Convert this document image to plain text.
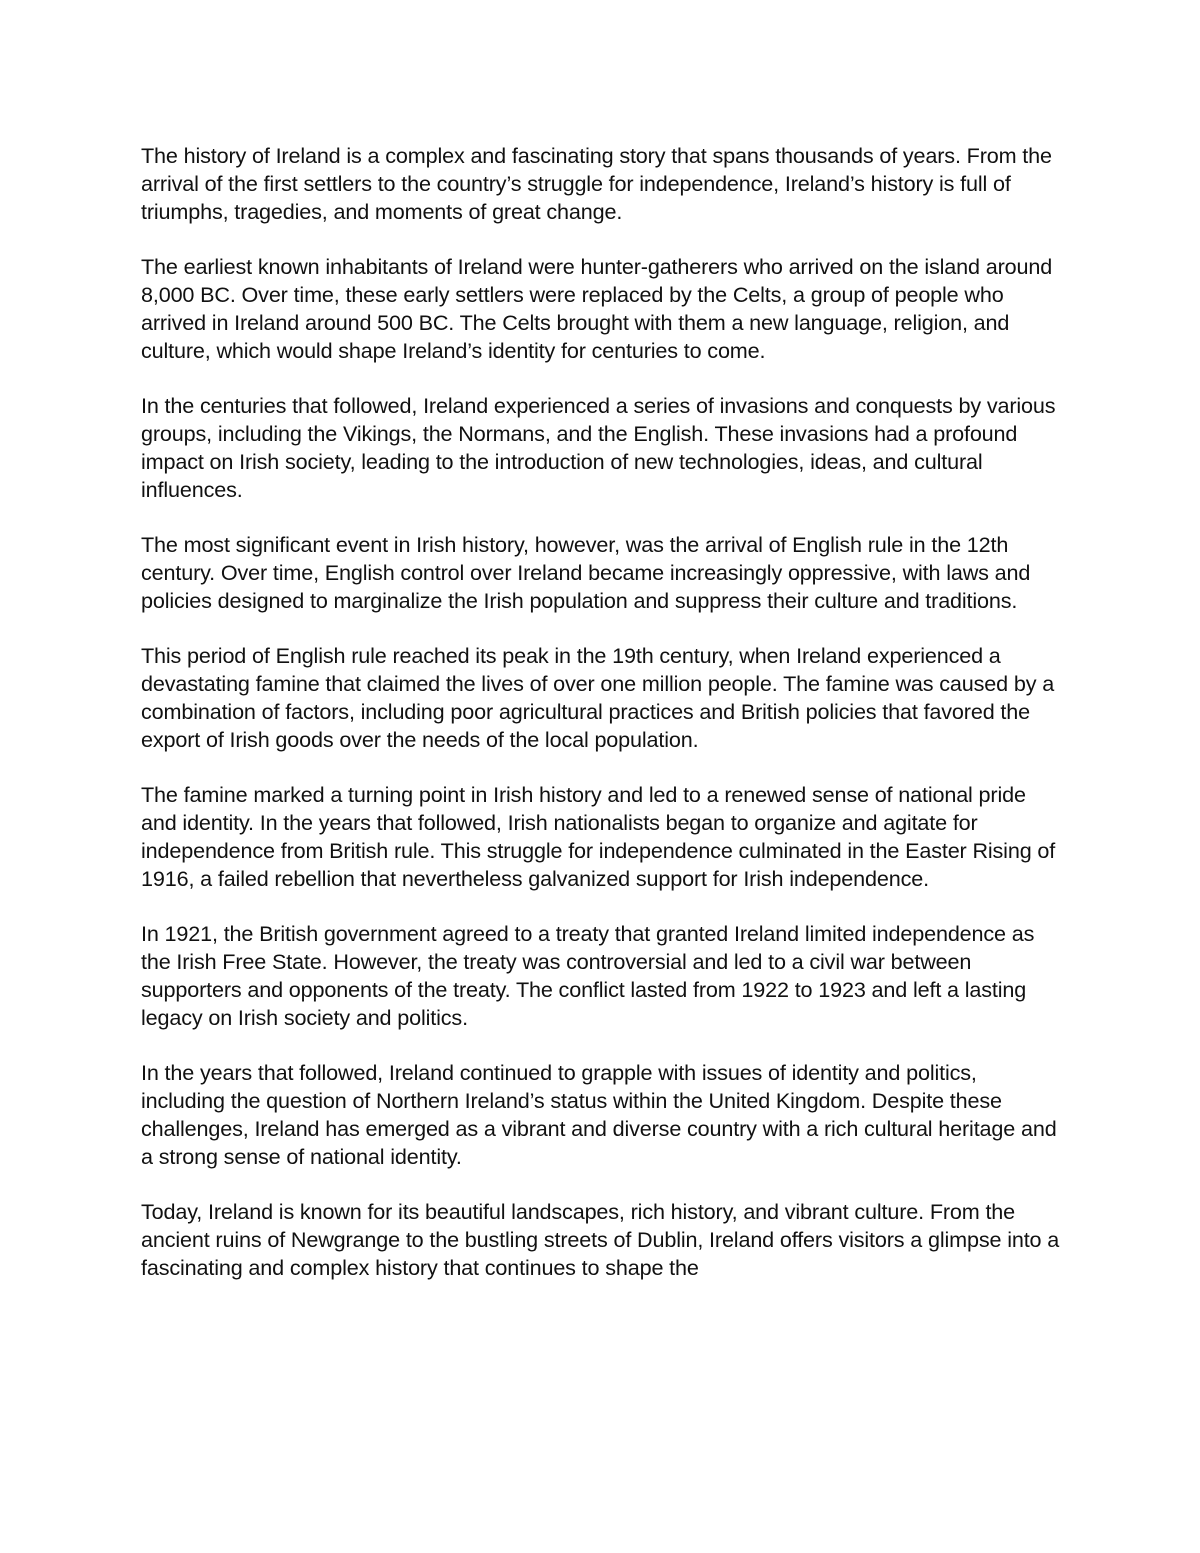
The history of Ireland is a complex and fascinating story that spans thousands of years. From the arrival of the first settlers to the country’s struggle for independence, Ireland’s history is full of triumphs, tragedies, and moments of great change.

The earliest known inhabitants of Ireland were hunter-gatherers who arrived on the island around 8,000 BC. Over time, these early settlers were replaced by the Celts, a group of people who arrived in Ireland around 500 BC. The Celts brought with them a new language, religion, and culture, which would shape Ireland’s identity for centuries to come.

In the centuries that followed, Ireland experienced a series of invasions and conquests by various groups, including the Vikings, the Normans, and the English. These invasions had a profound impact on Irish society, leading to the introduction of new technologies, ideas, and cultural influences.

The most significant event in Irish history, however, was the arrival of English rule in the 12th century. Over time, English control over Ireland became increasingly oppressive, with laws and policies designed to marginalize the Irish population and suppress their culture and traditions.

This period of English rule reached its peak in the 19th century, when Ireland experienced a devastating famine that claimed the lives of over one million people. The famine was caused by a combination of factors, including poor agricultural practices and British policies that favored the export of Irish goods over the needs of the local population.

The famine marked a turning point in Irish history and led to a renewed sense of national pride and identity. In the years that followed, Irish nationalists began to organize and agitate for independence from British rule. This struggle for independence culminated in the Easter Rising of 1916, a failed rebellion that nevertheless galvanized support for Irish independence.

In 1921, the British government agreed to a treaty that granted Ireland limited independence as the Irish Free State. However, the treaty was controversial and led to a civil war between supporters and opponents of the treaty. The conflict lasted from 1922 to 1923 and left a lasting legacy on Irish society and politics.

In the years that followed, Ireland continued to grapple with issues of identity and politics, including the question of Northern Ireland’s status within the United Kingdom. Despite these challenges, Ireland has emerged as a vibrant and diverse country with a rich cultural heritage and a strong sense of national identity.

Today, Ireland is known for its beautiful landscapes, rich history, and vibrant culture. From the ancient ruins of Newgrange to the bustling streets of Dublin, Ireland offers visitors a glimpse into a fascinating and complex history that continues to shape the
